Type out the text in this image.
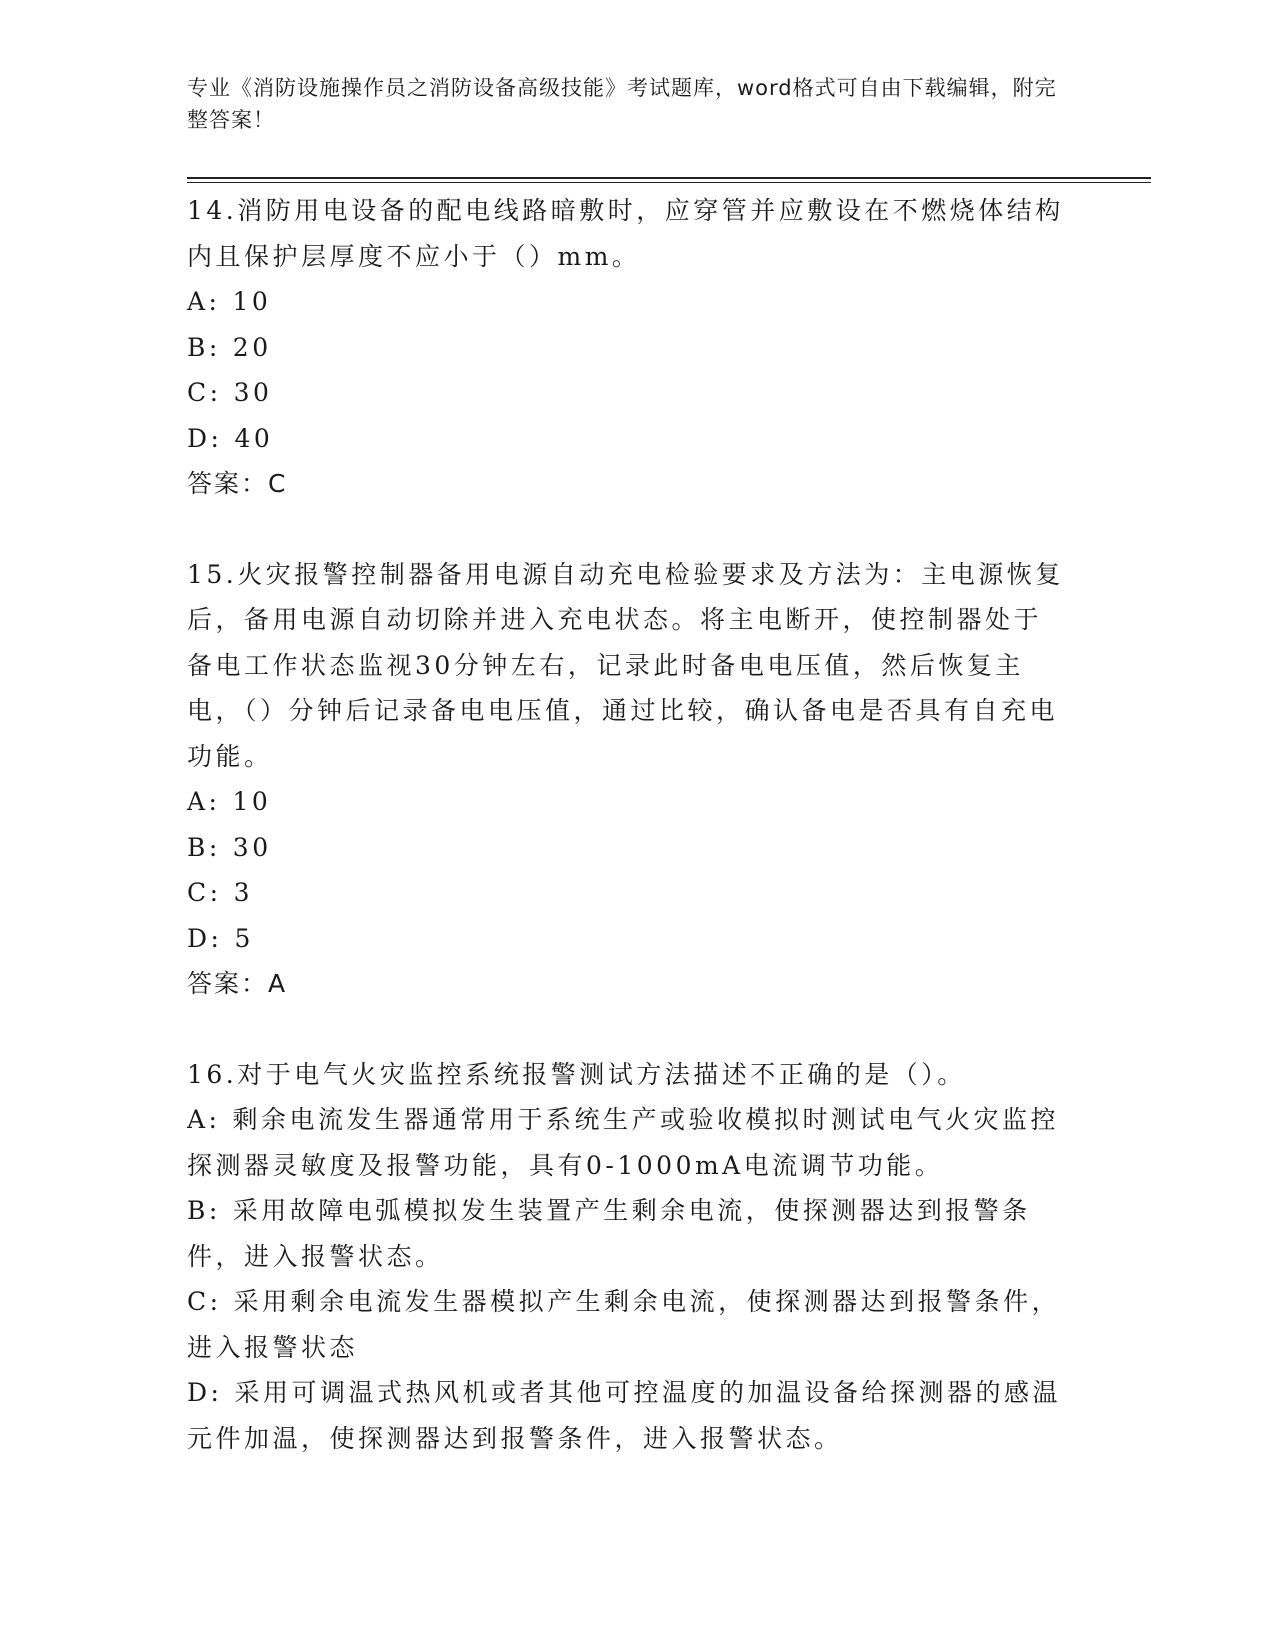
专业《消防设施操作员之消防设备高级技能》考试题库，word格式可自由下载编辑，附完整答案！

14.消防用电设备的配电线路暗敷时，应穿管并应敷设在不燃烧体结构内且保护层厚度不应小于（）mm。

A: 10

B: 20

C: 30

D: 40

答案：C

15.火灾报警控制器备用电源自动充电检验要求及方法为：主电源恢复后，备用电源自动切除并进入充电状态。将主电断开，使控制器处于备电工作状态监视30分钟左右，记录此时备电电压值，然后恢复主电，（）分钟后记录备电电压值，通过比较，确认备电是否具有自充电功能。

A: 10

B: 30

C: 3

D: 5

答案：A

16.对于电气火灾监控系统报警测试方法描述不正确的是（）。

A: 剩余电流发生器通常用于系统生产或验收模拟时测试电气火灾监控探测器灵敏度及报警功能，具有0-1000mA电流调节功能。

B: 采用故障电弧模拟发生装置产生剩余电流，使探测器达到报警条件，进入报警状态。

C: 采用剩余电流发生器模拟产生剩余电流，使探测器达到报警条件，进入报警状态

D: 采用可调温式热风机或者其他可控温度的加温设备给探测器的感温元件加温，使探测器达到报警条件，进入报警状态。
